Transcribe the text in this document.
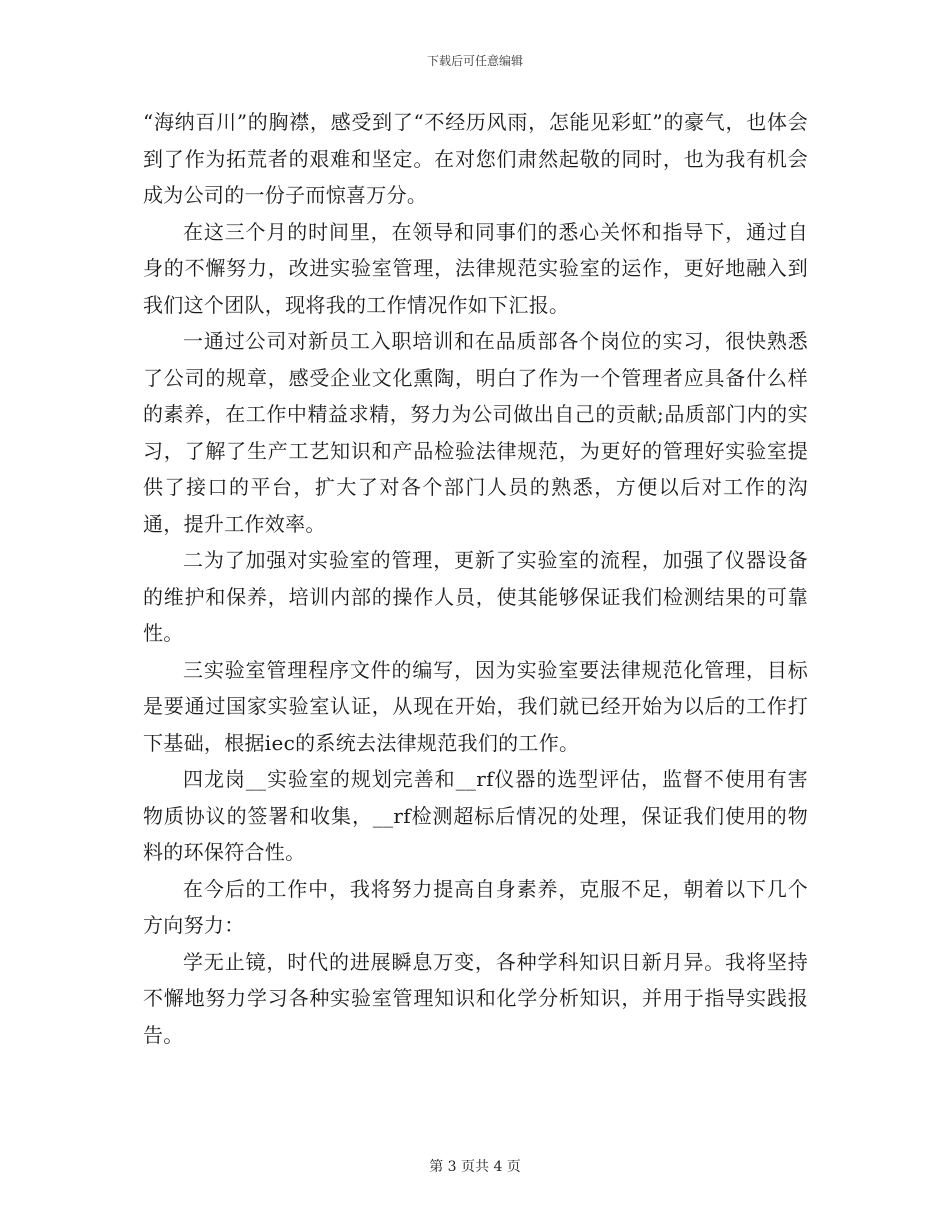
下载后可任意编辑

“海纳百川”的胸襟，感受到了“不经历风雨，怎能见彩虹”的豪气，也体会到了作为拓荒者的艰难和坚定。在对您们肃然起敬的同时，也为我有机会成为公司的一份子而惊喜万分。

在这三个月的时间里，在领导和同事们的悉心关怀和指导下，通过自身的不懈努力，改进实验室管理，法律规范实验室的运作，更好地融入到我们这个团队，现将我的工作情况作如下汇报。

一通过公司对新员工入职培训和在品质部各个岗位的实习，很快熟悉了公司的规章，感受企业文化熏陶，明白了作为一个管理者应具备什么样的素养，在工作中精益求精，努力为公司做出自己的贡献;品质部门内的实习，了解了生产工艺知识和产品检验法律规范，为更好的管理好实验室提供了接口的平台，扩大了对各个部门人员的熟悉，方便以后对工作的沟通，提升工作效率。

二为了加强对实验室的管理，更新了实验室的流程，加强了仪器设备的维护和保养，培训内部的操作人员，使其能够保证我们检测结果的可靠性。

三实验室管理程序文件的编写，因为实验室要法律规范化管理，目标是要通过国家实验室认证，从现在开始，我们就已经开始为以后的工作打下基础，根据iec的系统去法律规范我们的工作。

四龙岗__实验室的规划完善和__rf仪器的选型评估，监督不使用有害物质协议的签署和收集，__rf检测超标后情况的处理，保证我们使用的物料的环保符合性。

在今后的工作中，我将努力提高自身素养，克服不足，朝着以下几个方向努力：

学无止镜，时代的进展瞬息万变，各种学科知识日新月异。我将坚持不懈地努力学习各种实验室管理知识和化学分析知识，并用于指导实践报告。

第 3 页共 4 页
